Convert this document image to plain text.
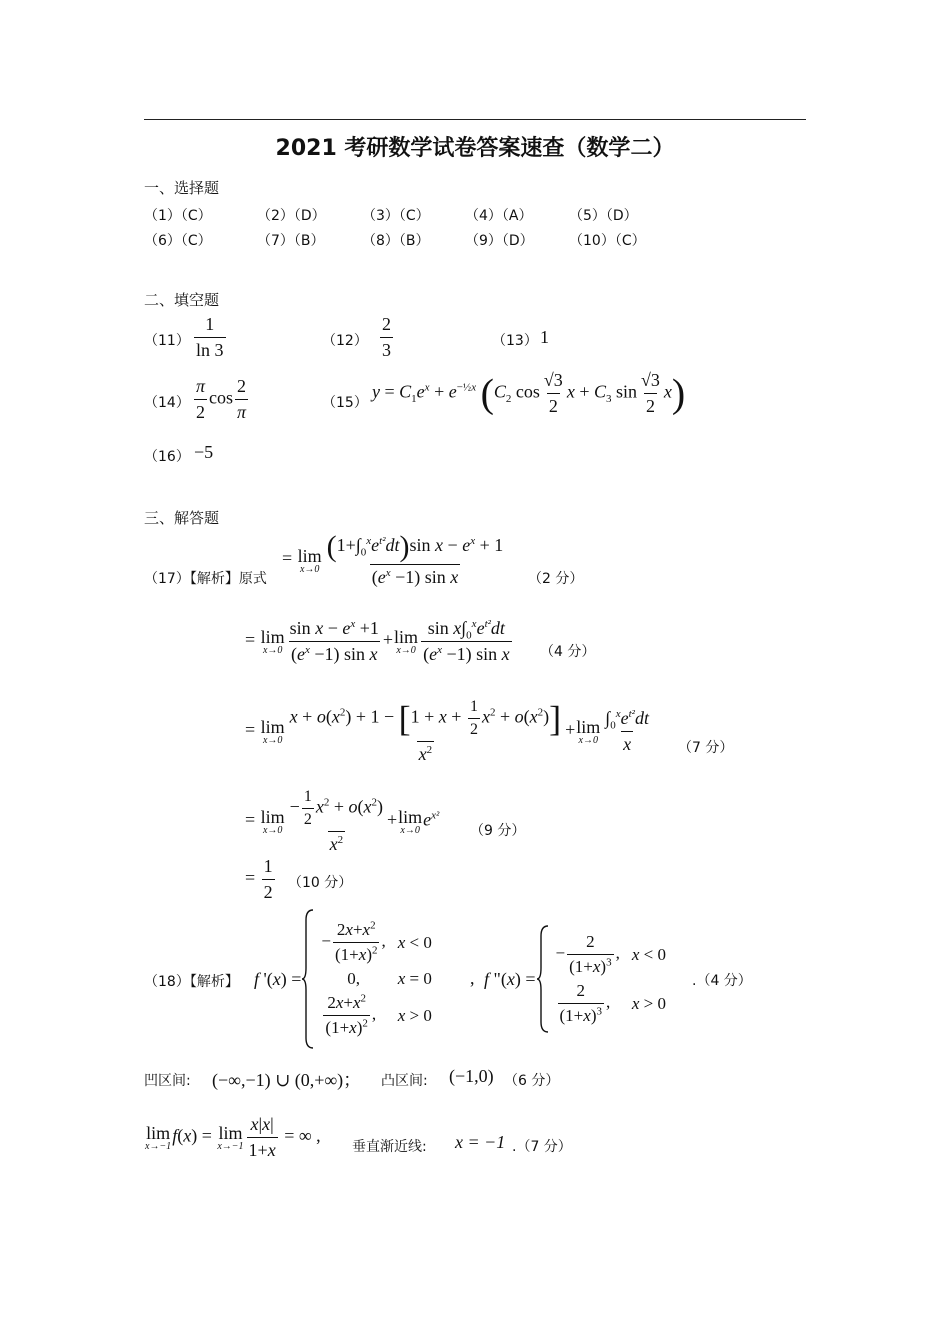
2021 考研数学试卷答案速查（数学二）
一、选择题
（1）（C）	（2）（D）	（3）（C）	（4）（A）	（5）（D）
（6）（C）	（7）（B）	（8）（B）	（9）（D）	（10）（C）
二、填空题
$(11) \frac{1}{\ln 3}$	$(12) \frac{2}{3}$	（13） 1
$(14) \frac{\pi}{2}$ $\cos \frac{2}{\pi}$	（15）
$y = C_1e^x + e^{-\frac{1}{2}x}$ ($C_2$ $\cos \frac{√3}{2}$ $x + C_3$ $\sin \frac{√3}{2} x$)
（16） −5
三、解答题
（17）【解析】原式
= lim
$x\to 0 \frac{(1+\int_0^xe^{t^2}dt)\sin x - e^x + 1}{(e^x -1) \sin x} (2$ 分）
= lim
$x\to 0 \frac{\sin x - e^x +1}{(e^x -1) \sin x} +\lim$
$x\to 0 \frac{\sin x\int_0^xe^{t^2}dt}{(e^x -1) \sin x} (4$ 分）
= lim
$x\to 0 \frac{x + o(x^2) + 1 - [1 + x + \frac{1}{2} x^2 + o(x^2)]}{x^2} +\lim$
$x\to 0 \frac{\int_0^xe^{t^2}dt}{x} (7$ 分）
= lim
$x\to 0 \frac{- \frac{1}{2} x^2 + o(x^2)}{x^2} +\lim$
x→0
$e^{x^2}$
（9 分）
= $\frac{1}{2} (10$ 分）
（18）【解析】 f '(x) =
− $\frac{2x+x^2}{(1+x)^2}$ ,	x < 0
0,	x = 0

$\frac{2x+x^2}{(1+x)^2}$ ,	x > 0
, f "(x) =
− $\frac{2}{(1+x)^3}$ ,	x < 0

$\frac{2}{(1+x)^3}$ ,	x > 0
.（4 分）
凹区间: (−∞,−1) ∪ (0,+∞)； 凸区间: (−1,0) （6 分）
lim
x→−1
f(x) = lim
$x\to-1 \frac{x|x|}{1+x}$ = ∞ ,
垂直渐近线: x = −1 .（7 分）
